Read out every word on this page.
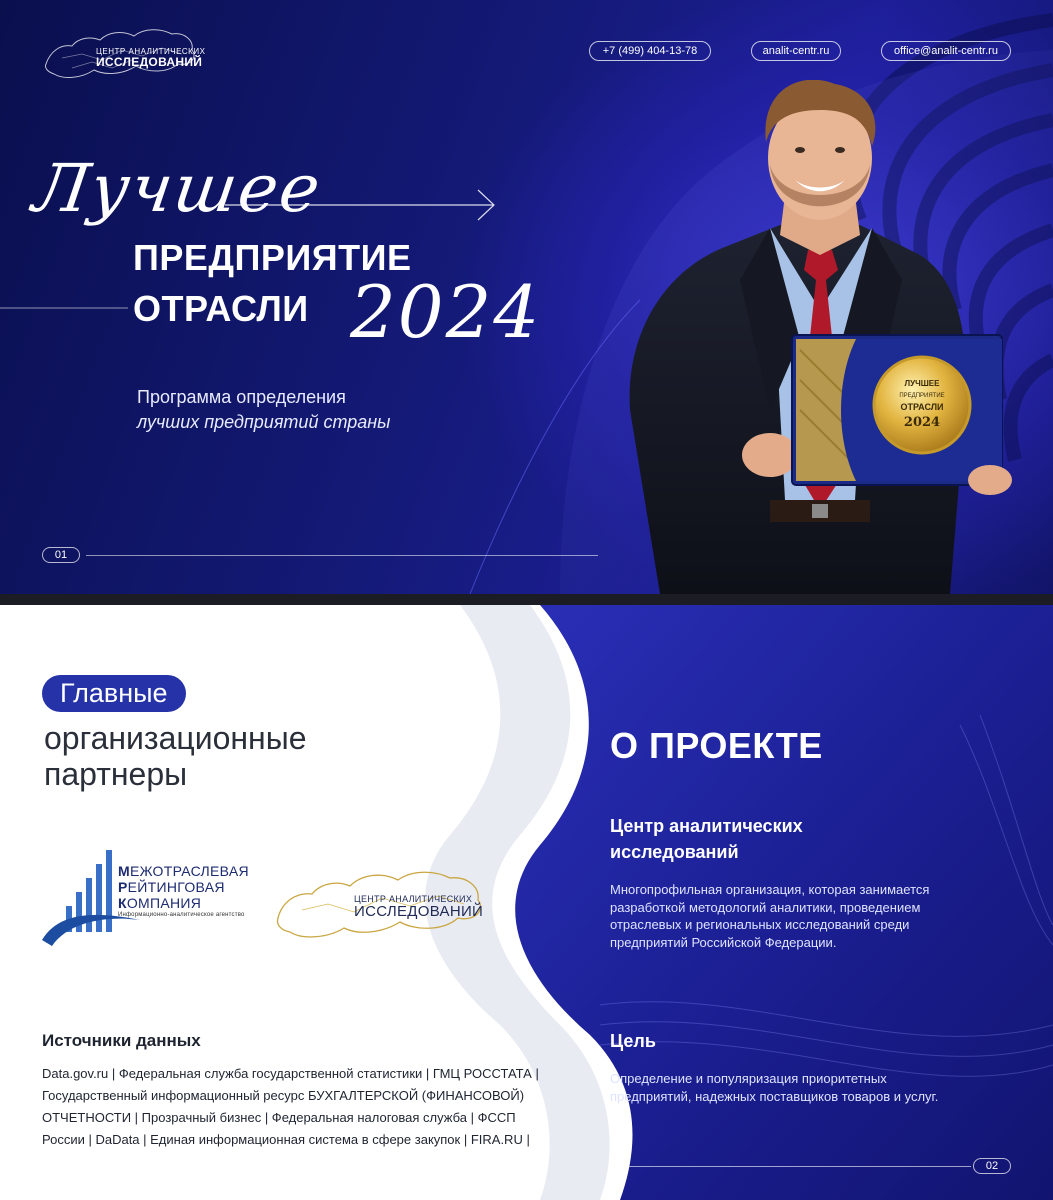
ЦЕНТР АНАЛИТИЧЕСКИХ
ИССЛЕДОВАНИЙ
+7 (499) 404-13-78	analit-centr.ru	office@analit-centr.ru
Лучшее
ПРЕДПРИЯТИЕ
ОТРАСЛИ 2024
Программа определения
лучших предприятий страны
01
ЛУЧШЕЕ
ПРЕДПРИЯТИЕ
ОТРАСЛИ
2024
Главные
организационные
партнеры
МЕЖОТРАСЛЕВАЯ
РЕЙТИНГОВАЯ
КОМПАНИЯ
Информационно-аналитическое агентство
ЦЕНТР АНАЛИТИЧЕСКИХ
ИССЛЕДОВАНИЙ
Источники данных
Data.gov.ru | Федеральная служба государственной статистики | ГМЦ РОССТАТА | Государственный информационный ресурс БУХГАЛТЕРСКОЙ (ФИНАНСОВОЙ) ОТЧЕТНОСТИ | Прозрачный бизнес | Федеральная налоговая служба | ФССП России | DaData | Единая информационная система в сфере закупок | FIRA.RU |
О ПРОЕКТЕ
Центр аналитических исследований
Многопрофильная организация, которая занимается разработкой методологий аналитики, проведением отраслевых и региональных исследований среди предприятий Российской Федерации.
Цель
Определение и популяризация приоритетных предприятий, надежных поставщиков товаров и услуг.
02
